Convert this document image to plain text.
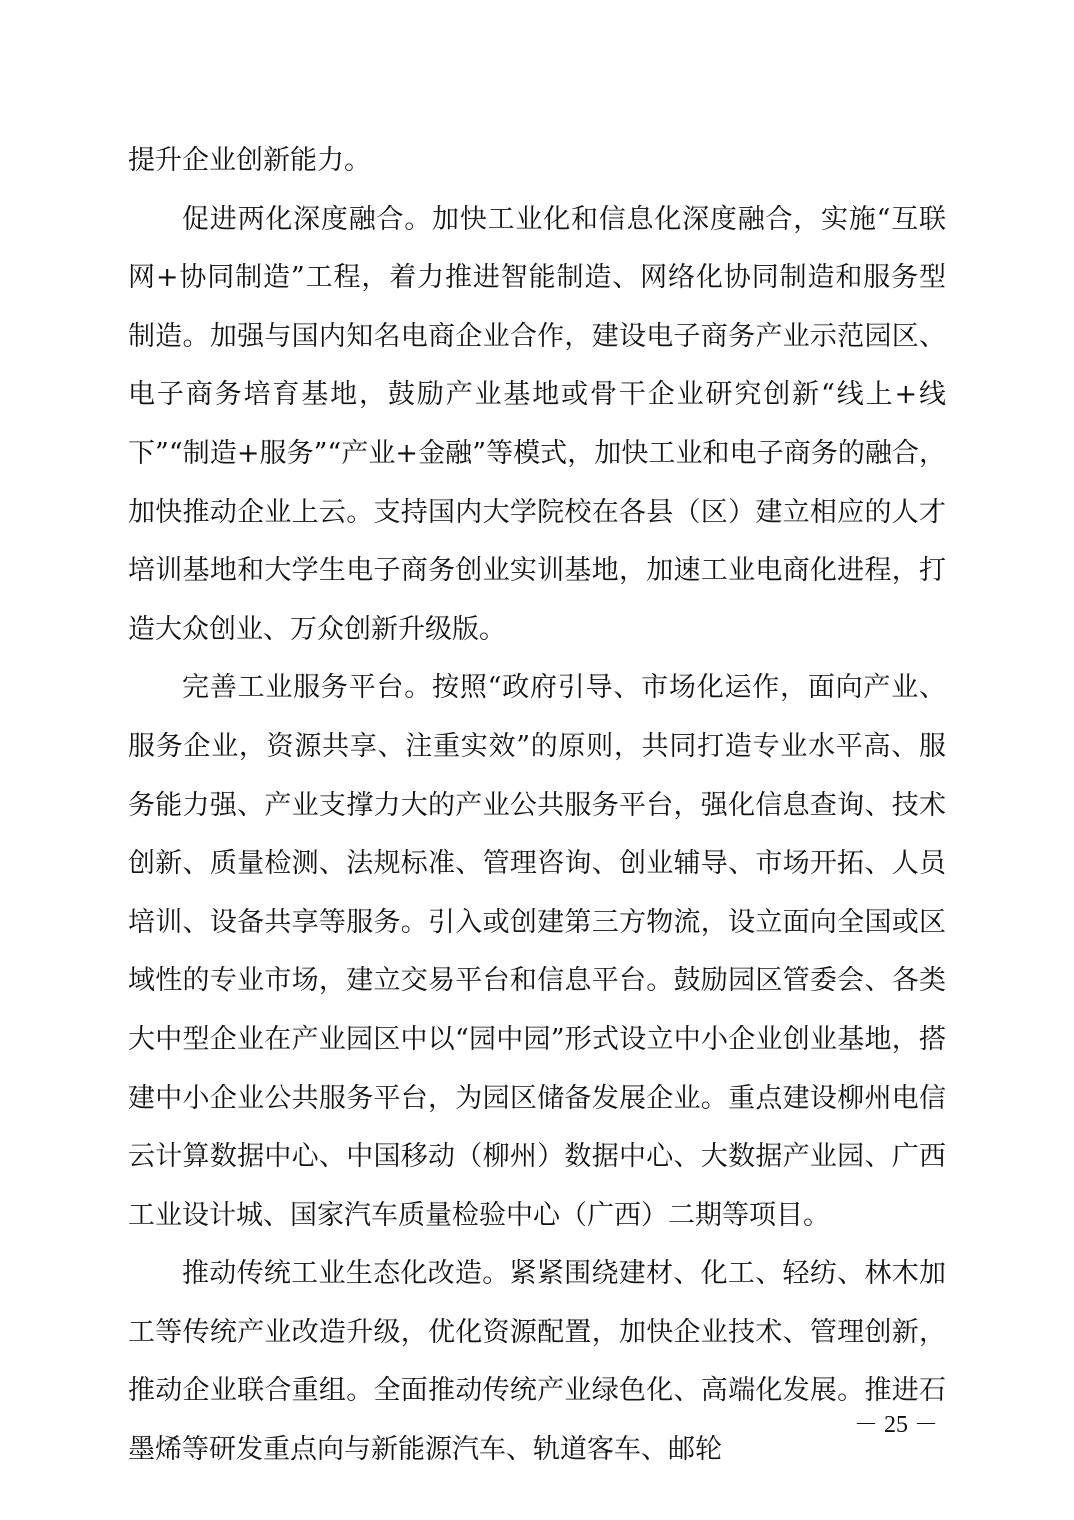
提升企业创新能力。

促进两化深度融合。加快工业化和信息化深度融合，实施“互联网+协同制造”工程，着力推进智能制造、网络化协同制造和服务型制造。加强与国内知名电商企业合作，建设电子商务产业示范园区、电子商务培育基地，鼓励产业基地或骨干企业研究创新“线上+线下”“制造+服务”“产业+金融”等模式，加快工业和电子商务的融合，加快推动企业上云。支持国内大学院校在各县（区）建立相应的人才培训基地和大学生电子商务创业实训基地，加速工业电商化进程，打造大众创业、万众创新升级版。

完善工业服务平台。按照“政府引导、市场化运作，面向产业、服务企业，资源共享、注重实效”的原则，共同打造专业水平高、服务能力强、产业支撑力大的产业公共服务平台，强化信息查询、技术创新、质量检测、法规标准、管理咨询、创业辅导、市场开拓、人员培训、设备共享等服务。引入或创建第三方物流，设立面向全国或区域性的专业市场，建立交易平台和信息平台。鼓励园区管委会、各类大中型企业在产业园区中以“园中园”形式设立中小企业创业基地，搭建中小企业公共服务平台，为园区储备发展企业。重点建设柳州电信云计算数据中心、中国移动（柳州）数据中心、大数据产业园、广西工业设计城、国家汽车质量检验中心（广西）二期等项目。

推动传统工业生态化改造。紧紧围绕建材、化工、轻纺、林木加工等传统产业改造升级，优化资源配置，加快企业技术、管理创新，推动企业联合重组。全面推动传统产业绿色化、高端化发展。推进石墨烯等研发重点向与新能源汽车、轨道客车、邮轮

－ 25 －
